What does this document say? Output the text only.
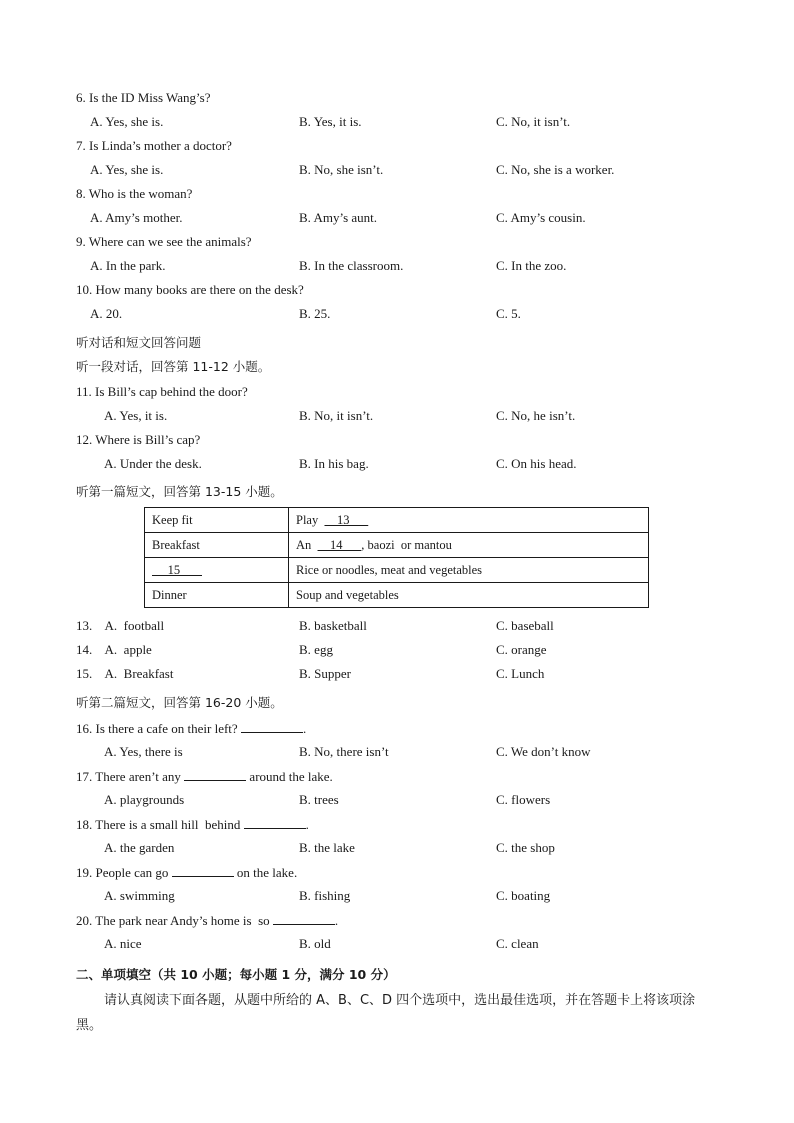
6. Is the ID Miss Wang’s?
A. Yes, she is.	B. Yes, it is.	C. No, it isn’t.
7. Is Linda’s mother a doctor?
A. Yes, she is.	B. No, she isn’t.	C. No, she is a worker.
8. Who is the woman?
A. Amy’s mother.	B. Amy’s aunt.	C. Amy’s cousin.
9. Where can we see the animals?
A. In the park.	B. In the classroom.	C. In the zoo.
10. How many books are there on the desk?
A. 20.	B. 25.	C. 5.
听对话和短文回答问题
听一段对话，回答第 11-12 小题。
11. Is Bill’s cap behind the door?
A. Yes, it is.	B. No, it isn’t.	C. No, he isn’t.
12. Where is Bill’s cap?
A. Under the desk.	B. In his bag.	C. On his head.
听第一篇短文，回答第 13-15 小题。
Keep fit	Play      13
Breakfast	An      14      , baozi  or mantou
15	Rice or noodles, meat and vegetables
Dinner	Soup and vegetables
13.    A.  football	B. basketball	C. baseball
14.    A.  apple	B. egg	C. orange
15.    A.  Breakfast	B. Supper	C. Lunch
听第二篇短文，回答第 16-20 小题。
16. Is there a cafe on their left?	.
A. Yes, there is	B. No, there isn’t	C. We don’t know
17. There aren’t any	around the lake.
A. playgrounds	B. trees	C. flowers
18. There is a small hill  behind	.
A. the garden	B. the lake	C. the shop
19. People can go	on the lake.
A. swimming	B. fishing	C. boating
20. The park near Andy’s home is  so	.
A. nice	B. old	C. clean
二、单项填空（共 10 小题；每小题 1 分，满分 10 分）
请认真阅读下面各题，从题中所给的 A、B、C、D 四个选项中，选出最佳选项，并在答题卡上将该项涂
黑。
